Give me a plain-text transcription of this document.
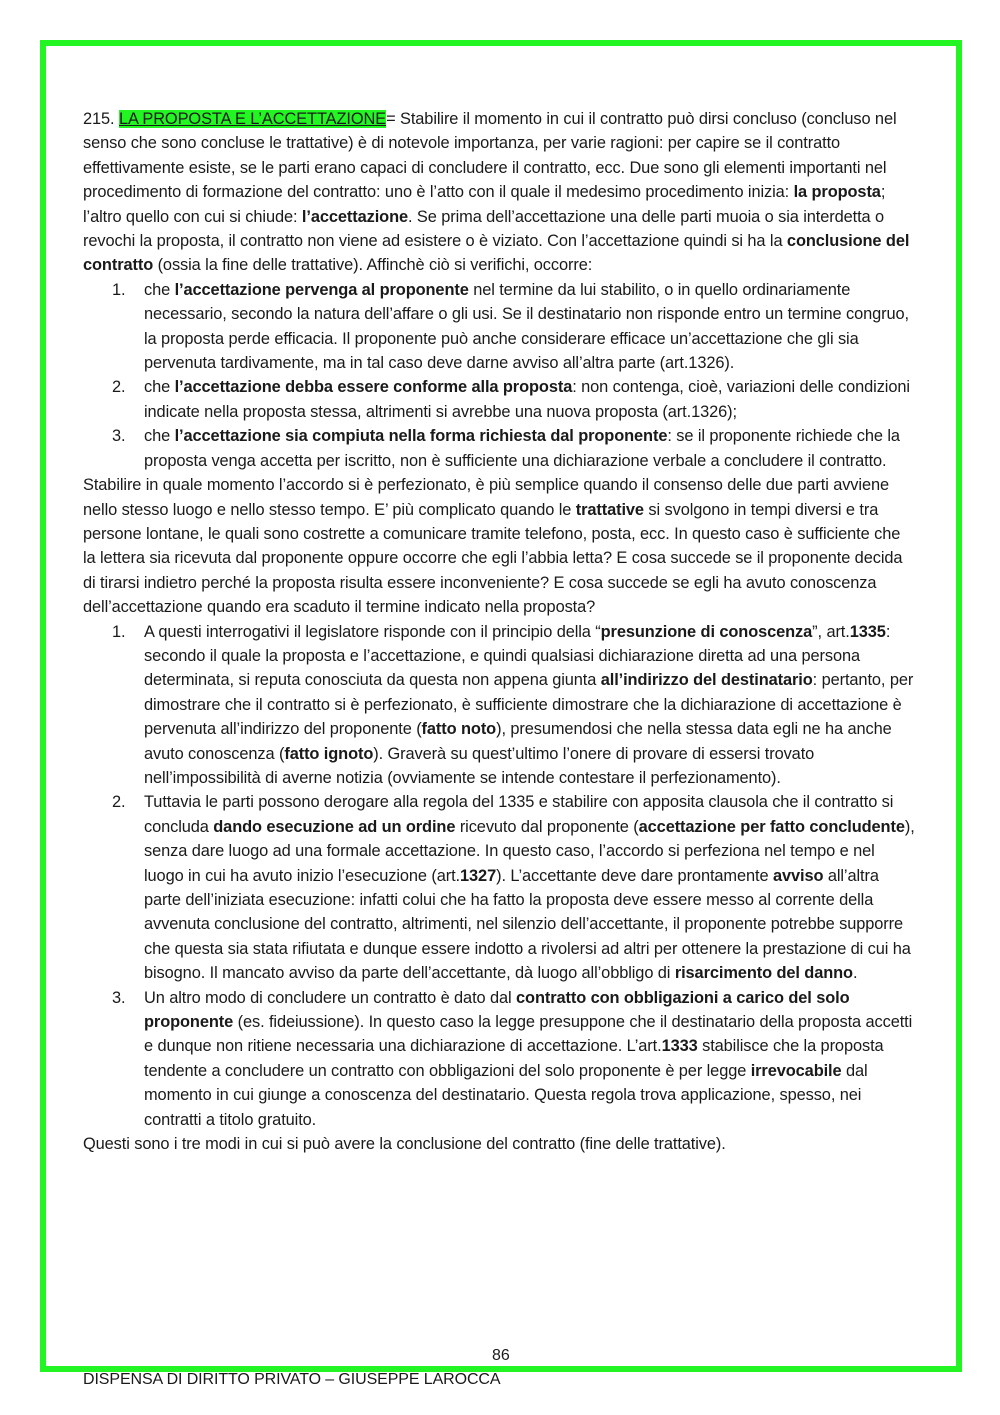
215. LA PROPOSTA E L’ACCETTAZIONE= Stabilire il momento in cui il contratto può dirsi concluso (concluso nel senso che sono concluse le trattative) è di notevole importanza, per varie ragioni: per capire se il contratto effettivamente esiste, se le parti erano capaci di concludere il contratto, ecc. Due sono gli elementi importanti nel procedimento di formazione del contratto: uno è l’atto con il quale il medesimo procedimento inizia: la proposta; l’altro quello con cui si chiude: l’accettazione. Se prima dell’accettazione una delle parti muoia o sia interdetta o revochi la proposta, il contratto non viene ad esistere o è viziato. Con l’accettazione quindi si ha la conclusione del contratto (ossia la fine delle trattative). Affinchè ciò si verifichi, occorre:

1. che l’accettazione pervenga al proponente nel termine da lui stabilito, o in quello ordinariamente necessario, secondo la natura dell’affare o gli usi. Se il destinatario non risponde entro un termine congruo, la proposta perde efficacia. Il proponente può anche considerare efficace un’accettazione che gli sia pervenuta tardivamente, ma in tal caso deve darne avviso all’altra parte (art.1326).
2. che l’accettazione debba essere conforme alla proposta: non contenga, cioè, variazioni delle condizioni indicate nella proposta stessa, altrimenti si avrebbe una nuova proposta (art.1326);
3. che l’accettazione sia compiuta nella forma richiesta dal proponente: se il proponente richiede che la proposta venga accetta per iscritto, non è sufficiente una dichiarazione verbale a concludere il contratto.

Stabilire in quale momento l’accordo si è perfezionato, è più semplice quando il consenso delle due parti avviene nello stesso luogo e nello stesso tempo. E’ più complicato quando le trattative si svolgono in tempi diversi e tra persone lontane, le quali sono costrette a comunicare tramite telefono, posta, ecc. In questo caso è sufficiente che la lettera sia ricevuta dal proponente oppure occorre che egli l’abbia letta? E cosa succede se il proponente decida di tirarsi indietro perché la proposta risulta essere inconveniente? E cosa succede se egli ha avuto conoscenza dell’accettazione quando era scaduto il termine indicato nella proposta?

1. A questi interrogativi il legislatore risponde con il principio della “presunzione di conoscenza”, art.1335: secondo il quale la proposta e l’accettazione, e quindi qualsiasi dichiarazione diretta ad una persona determinata, si reputa conosciuta da questa non appena giunta all’indirizzo del destinatario: pertanto, per dimostrare che il contratto si è perfezionato, è sufficiente dimostrare che la dichiarazione di accettazione è pervenuta all’indirizzo del proponente (fatto noto), presumendosi che nella stessa data egli ne ha anche avuto conoscenza (fatto ignoto). Graverà su quest’ultimo l’onere di provare di essersi trovato nell’impossibilità di averne notizia (ovviamente se intende contestare il perfezionamento).
2. Tuttavia le parti possono derogare alla regola del 1335 e stabilire con apposita clausola che il contratto si concluda dando esecuzione ad un ordine ricevuto dal proponente (accettazione per fatto concludente), senza dare luogo ad una formale accettazione. In questo caso, l’accordo si perfeziona nel tempo e nel luogo in cui ha avuto inizio l’esecuzione (art.1327). L’accettante deve dare prontamente avviso all’altra parte dell’iniziata esecuzione: infatti colui che ha fatto la proposta deve essere messo al corrente della avvenuta conclusione del contratto, altrimenti, nel silenzio dell’accettante, il proponente potrebbe supporre che questa sia stata rifiutata e dunque essere indotto a rivolersi ad altri per ottenere la prestazione di cui ha bisogno. Il mancato avviso da parte dell’accettante, dà luogo all’obbligo di risarcimento del danno.
3. Un altro modo di concludere un contratto è dato dal contratto con obbligazioni a carico del solo proponente (es. fideiussione). In questo caso la legge presuppone che il destinatario della proposta accetti e dunque non ritiene necessaria una dichiarazione di accettazione. L’art.1333 stabilisce che la proposta tendente a concludere un contratto con obbligazioni del solo proponente è per legge irrevocabile dal momento in cui giunge a conoscenza del destinatario. Questa regola trova applicazione, spesso, nei contratti a titolo gratuito.

Questi sono i tre modi in cui si può avere la conclusione del contratto (fine delle trattative).

86
DISPENSA DI DIRITTO PRIVATO – GIUSEPPE LAROCCA
